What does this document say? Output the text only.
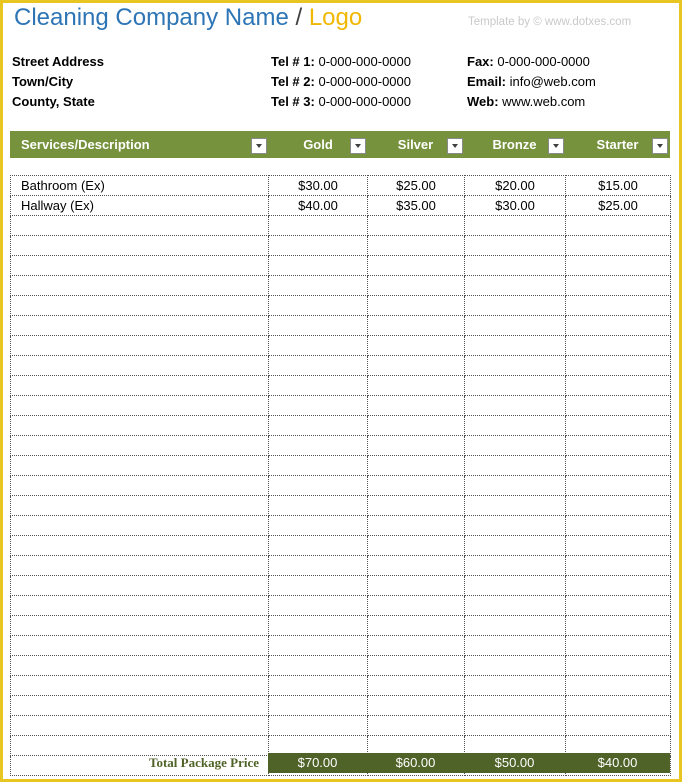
Cleaning Company Name / Logo	Template by © www.dotxes.com
Street Address
Town/City
County, State
Tel # 1: 0-000-000-0000
Tel # 2: 0-000-000-0000
Tel # 3: 0-000-000-0000
Fax: 0-000-000-0000
Email: info@web.com
Web: www.web.com
Services/Description	Gold	Silver	Bronze	Starter
Bathroom (Ex)	$30.00	$25.00	$20.00	$15.00
Hallway (Ex)	$40.00	$35.00	$30.00	$25.00

Total Package Price	$70.00	$60.00	$50.00	$40.00
